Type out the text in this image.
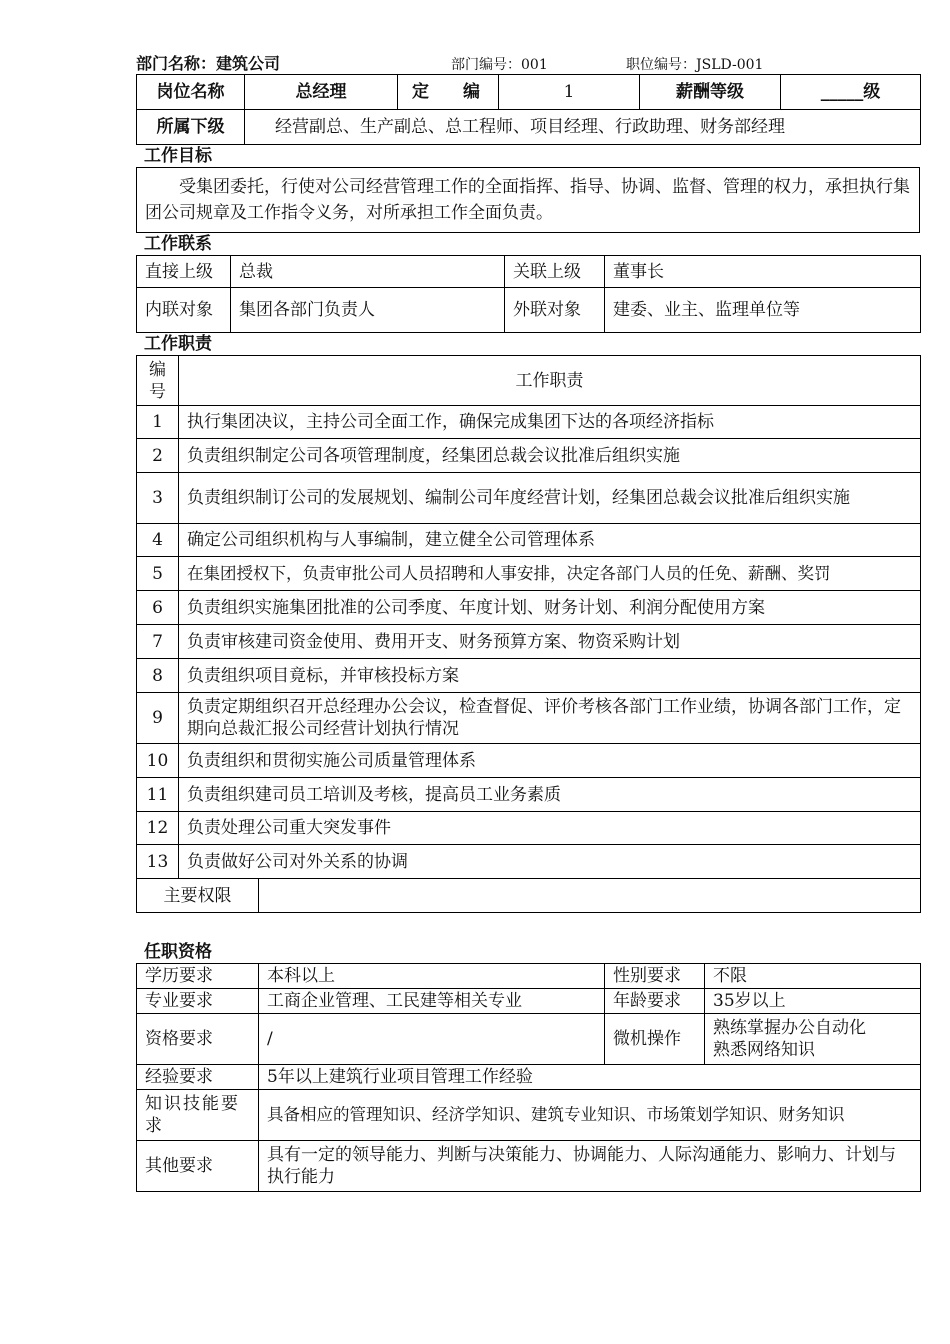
部门名称：建筑公司	部门编号：001	职位编号：JSLD-001
岗位名称	总经理	定　　编	1	薪酬等级	_____级
所属下级	经营副总、生产副总、总工程师、项目经理、行政助理、财务部经理				
工作目标
受集团委托，行使对公司经营管理工作的全面指挥、指导、协调、监督、管理的权力，承担执行集团公司规章及工作指令义务，对所承担工作全面负责。
工作联系
直接上级	总裁	关联上级	董事长
内联对象	集团各部门负责人	外联对象	建委、业主、监理单位等
工作职责
编号	工作职责	
1	执行集团决议，主持公司全面工作，确保完成集团下达的各项经济指标	
2	负责组织制定公司各项管理制度，经集团总裁会议批准后组织实施	
3	负责组织制订公司的发展规划、编制公司年度经营计划，经集团总裁会议批准后组织实施	
4	确定公司组织机构与人事编制，建立健全公司管理体系	
5	在集团授权下，负责审批公司人员招聘和人事安排，决定各部门人员的任免、薪酬、奖罚	
6	负责组织实施集团批准的公司季度、年度计划、财务计划、利润分配使用方案	
7	负责审核建司资金使用、费用开支、财务预算方案、物资采购计划	
8	负责组织项目竟标，并审核投标方案	
9	负责定期组织召开总经理办公会议，检查督促、评价考核各部门工作业绩，协调各部门工作，定期向总裁汇报公司经营计划执行情况	
10	负责组织和贯彻实施公司质量管理体系	
11	负责组织建司员工培训及考核，提高员工业务素质	
12	负责处理公司重大突发事件	
13	负责做好公司对外关系的协调	
主要权限		
任职资格
学历要求	本科以上	性别要求	不限
专业要求	工商企业管理、工民建等相关专业	年龄要求	35岁以上
资格要求	/	微机操作	熟练掌握办公自动化
熟悉网络知识

经验要求	5年以上建筑行业项目管理工作经验		
知识技能要求	具备相应的管理知识、经济学知识、建筑专业知识、市场策划学知识、财务知识		
其他要求	具有一定的领导能力、判断与决策能力、协调能力、人际沟通能力、影响力、计划与执行能力		
